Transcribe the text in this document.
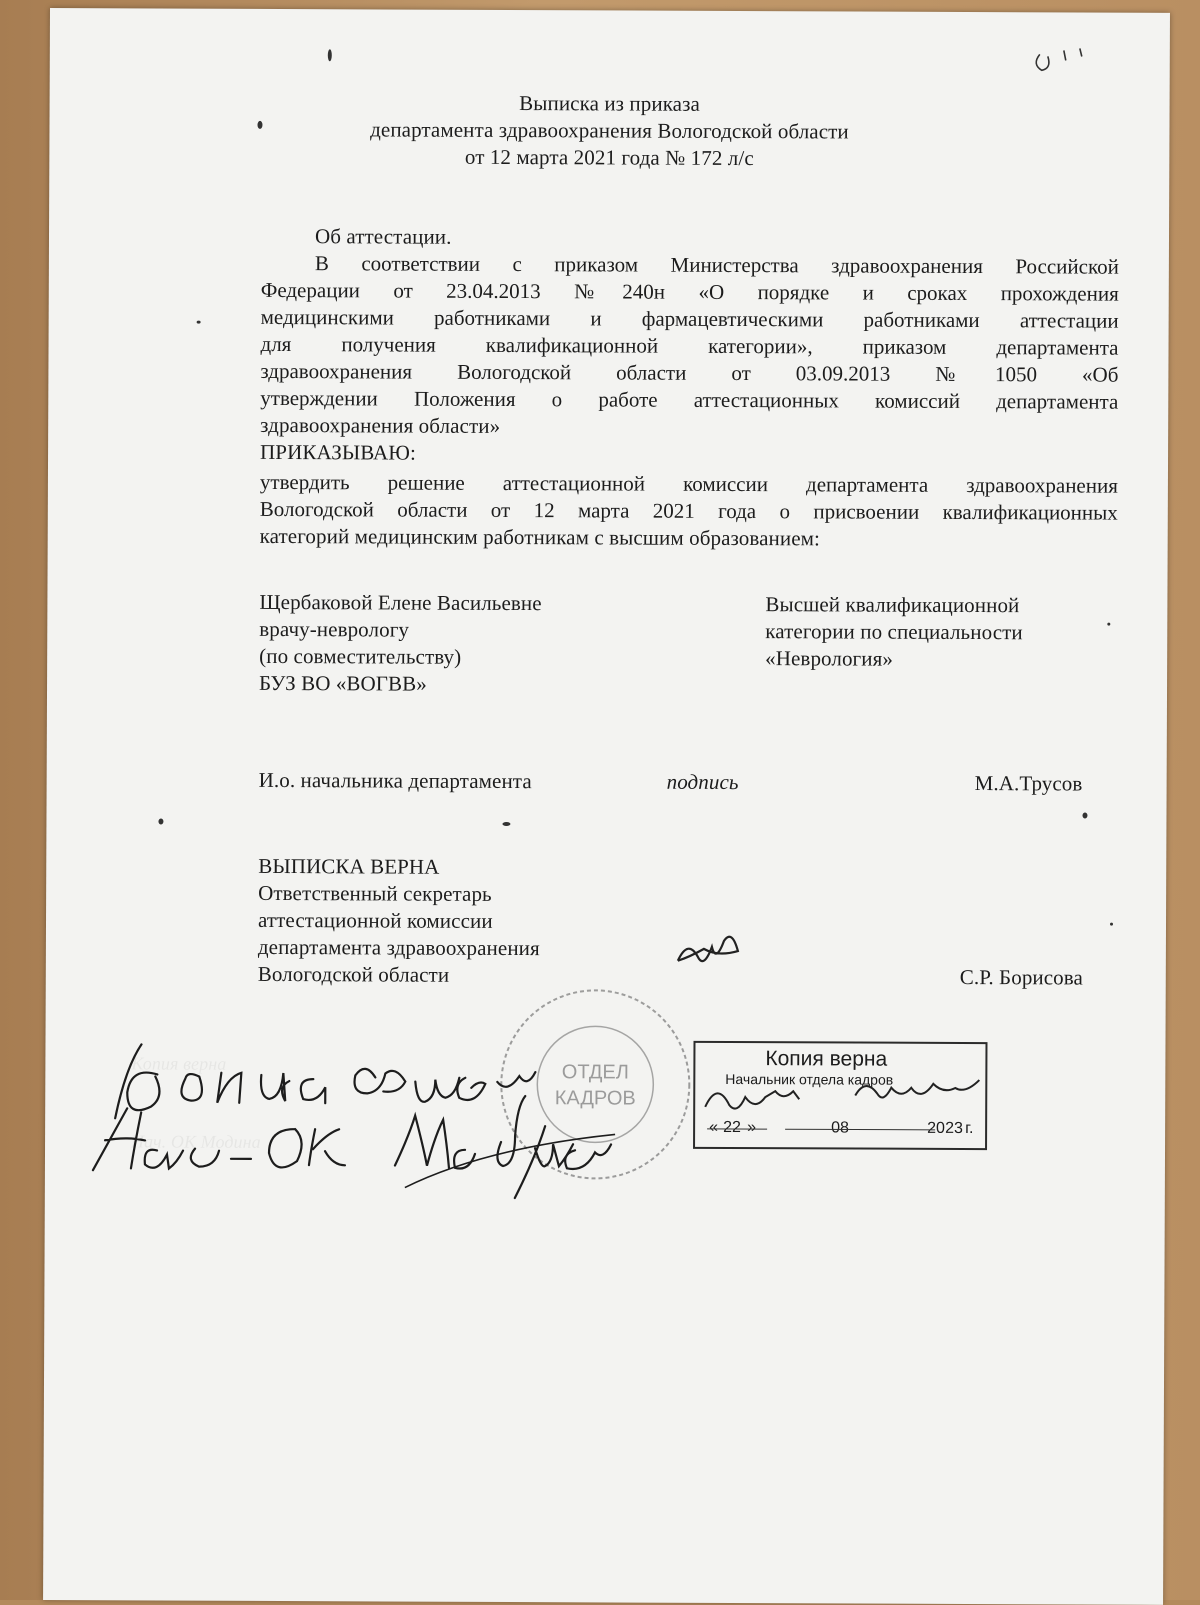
Выписка из приказа
департамента здравоохранения Вологодской области
от 12 марта 2021 года № 172 л/с
Об аттестации.
В соответствии с приказом Министерства здравоохранения Российской
Федерации от 23.04.2013 №240н «О порядке и сроках прохождения
медицинскими работниками и фармацевтическими работниками аттестации
для получения квалификационной категории», приказом департамента
здравоохранения Вологодской области от 03.09.2013 №1050 «Об
утверждении Положения о работе аттестационных комиссий департамента
здравоохранения области»
ПРИКАЗЫВАЮ:
утвердить решение аттестационной комиссии департамента здравоохранения
Вологодской области от 12 марта 2021 года о присвоении квалификационных
категорий медицинским работникам с высшим образованием:
Щербаковой Елене Васильевне
врачу-неврологу
(по совместительству)
БУЗ ВО «ВОГВВ»
Высшей квалификационной
категории по специальности
«Неврология»
И.о. начальника департамента	подпись	М.А.Трусов
ВЫПИСКА ВЕРНА
Ответственный секретарь
аттестационной комиссии
департамента здравоохранения
Вологодской области	С.Р. Борисова
Копия верна
Начальник отдела кадров
« 22 »	08	20 23 г.
ОТДЕЛ
КАДРОВ
Копия верна
Нач. ОК Модина
